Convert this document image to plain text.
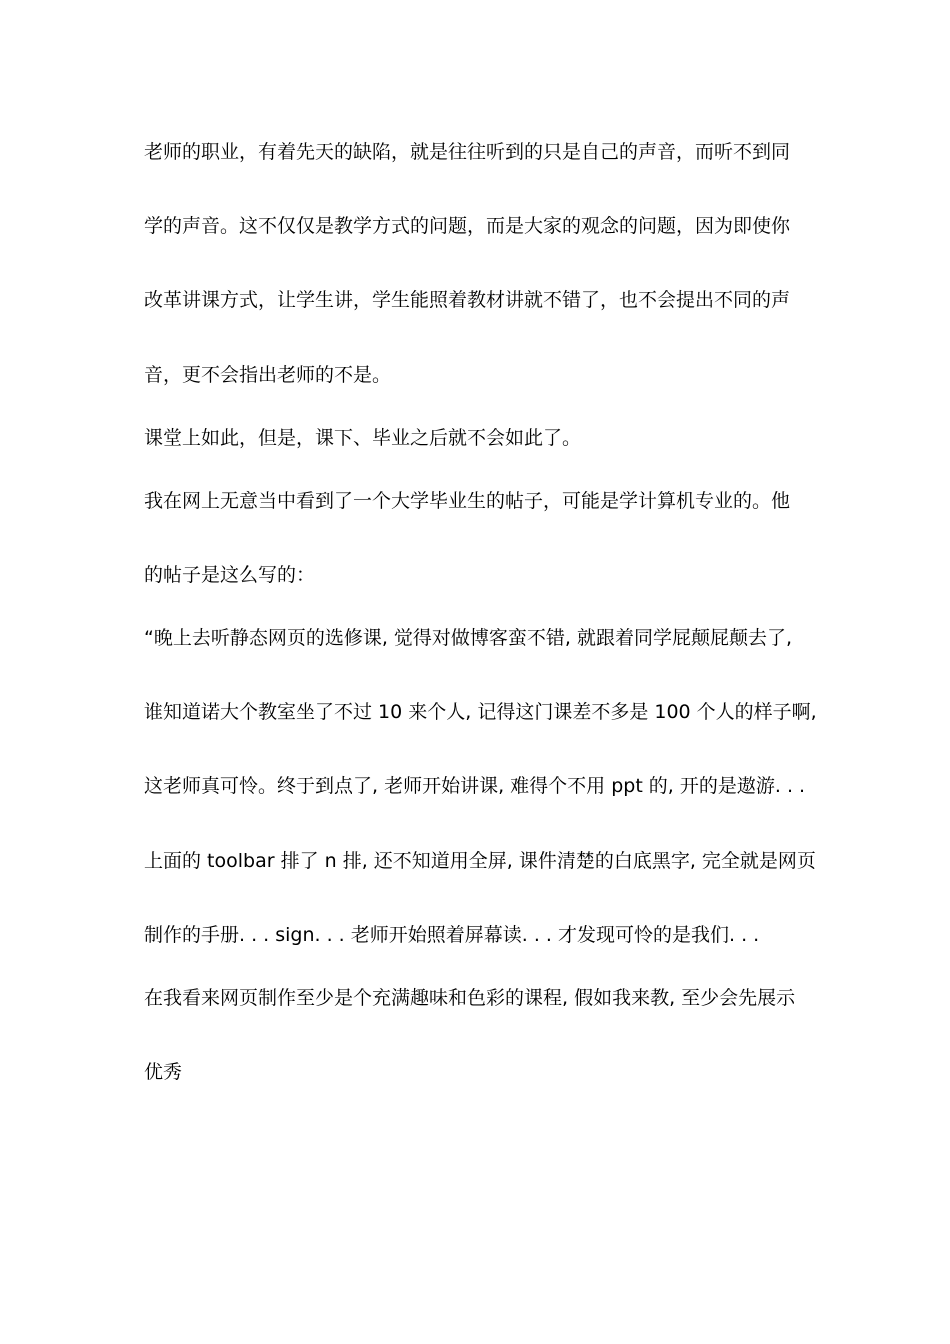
老师的职业，有着先天的缺陷，就是往往听到的只是自己的声音，而听不到同
学的声音。这不仅仅是教学方式的问题，而是大家的观念的问题，因为即使你
改革讲课方式，让学生讲，学生能照着教材讲就不错了，也不会提出不同的声
音，更不会指出老师的不是。
课堂上如此，但是，课下、毕业之后就不会如此了。
我在网上无意当中看到了一个大学毕业生的帖子，可能是学计算机专业的。他
的帖子是这么写的：
“晚上去听静态网页的选修课, 觉得对做博客蛮不错, 就跟着同学屁颠屁颠去了,
谁知道诺大个教室坐了不过 10 来个人, 记得这门课差不多是 100 个人的样子啊,
这老师真可怜。终于到点了, 老师开始讲课, 难得个不用 ppt 的, 开的是遨游. . .
上面的 toolbar 排了 n 排, 还不知道用全屏, 课件清楚的白底黑字, 完全就是网页
制作的手册. . . sign. . . 老师开始照着屏幕读. . . 才发现可怜的是我们. . .
在我看来网页制作至少是个充满趣味和色彩的课程, 假如我来教, 至少会先展示
优秀
